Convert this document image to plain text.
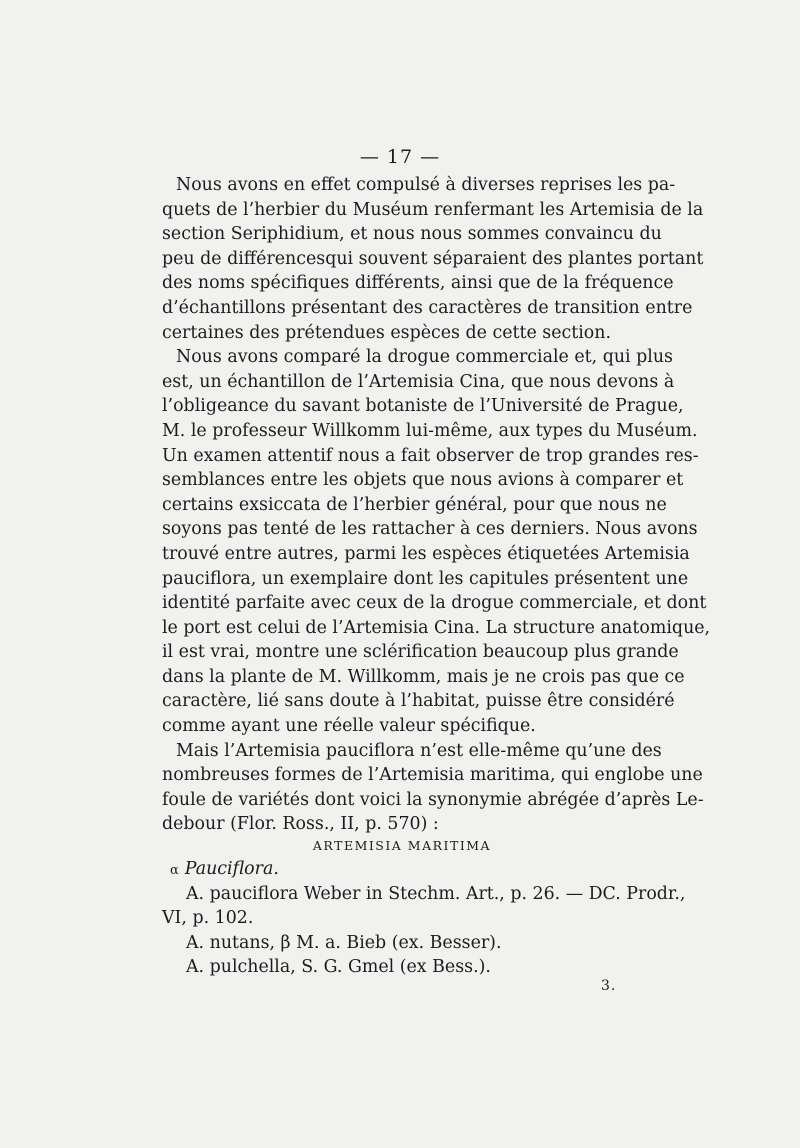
— 17 —
Nous avons en effet compulsé à diverses reprises les pa-
quets de l’herbier du Muséum renfermant les Artemisia de la
section Seriphidium, et nous nous sommes convaincu du
peu de différencesqui souvent séparaient des plantes portant
des noms spécifiques différents, ainsi que de la fréquence
d’échantillons présentant des caractères de transition entre
certaines des prétendues espèces de cette section.
Nous avons comparé la drogue commerciale et, qui plus
est, un échantillon de l’Artemisia Cina, que nous devons à
l’obligeance du savant botaniste de l’Université de Prague,
M. le professeur Willkomm lui-même, aux types du Muséum.
Un examen attentif nous a fait observer de trop grandes res-
semblances entre les objets que nous avions à comparer et
certains exsiccata de l’herbier général, pour que nous ne
soyons pas tenté de les rattacher à ces derniers. Nous avons
trouvé entre autres, parmi les espèces étiquetées Artemisia
pauciflora, un exemplaire dont les capitules présentent une
identité parfaite avec ceux de la drogue commerciale, et dont
le port est celui de l’Artemisia Cina. La structure anatomique,
il est vrai, montre une sclérification beaucoup plus grande
dans la plante de M. Willkomm, mais je ne crois pas que ce
caractère, lié sans doute à l’habitat, puisse être considéré
comme ayant une réelle valeur spécifique.
Mais l’Artemisia pauciflora n’est elle-même qu’une des
nombreuses formes de l’Artemisia maritima, qui englobe une
foule de variétés dont voici la synonymie abrégée d’après Le-
debour (Flor. Ross., II, p. 570) :
ARTEMISIA MARITIMA
α Pauciflora.
A. pauciflora Weber in Stechm. Art., p. 26. — DC. Prodr.,
VI, p. 102.
A. nutans, β M. a. Bieb (ex. Besser).
A. pulchella, S. G. Gmel (ex Bess.).
3.
